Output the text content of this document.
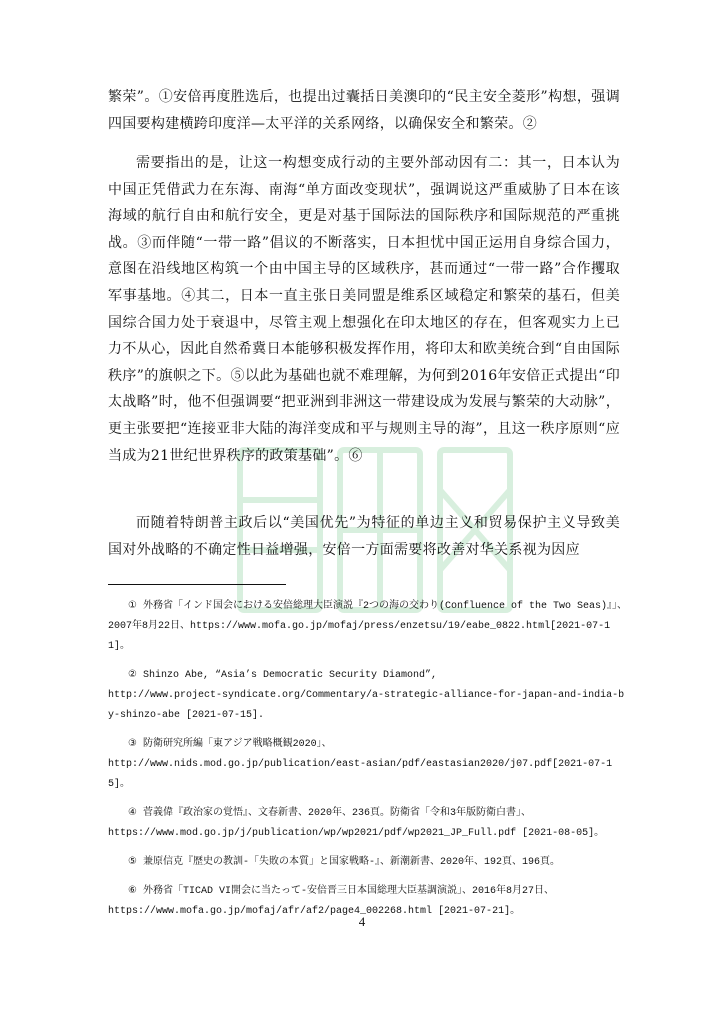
繁荣”。①安倍再度胜选后，也提出过囊括日美澳印的“民主安全菱形”构想，强调四国要构建横跨印度洋—太平洋的关系网络，以确保安全和繁荣。②

需要指出的是，让这一构想变成行动的主要外部动因有二：其一，日本认为中国正凭借武力在东海、南海“单方面改变现状”，强调说这严重威胁了日本在该海域的航行自由和航行安全，更是对基于国际法的国际秩序和国际规范的严重挑战。③而伴随“一带一路”倡议的不断落实，日本担忧中国正运用自身综合国力，意图在沿线地区构筑一个由中国主导的区域秩序，甚而通过“一带一路”合作攫取军事基地。④其二，日本一直主张日美同盟是维系区域稳定和繁荣的基石，但美国综合国力处于衰退中，尽管主观上想强化在印太地区的存在，但客观实力上已力不从心，因此自然希冀日本能够积极发挥作用，将印太和欧美统合到“自由国际秩序”的旗帜之下。⑤以此为基础也就不难理解，为何到2016年安倍正式提出“印太战略”时，他不但强调要“把亚洲到非洲这一带建设成为发展与繁荣的大动脉”，更主张要把“连接亚非大陆的海洋变成和平与规则主导的海”，且这一秩序原则“应当成为21世纪世界秩序的政策基础”。⑥

而随着特朗普主政后以“美国优先”为特征的单边主义和贸易保护主义导致美国对外战略的不确定性日益增强，安倍一方面需要将改善对华关系视为因应

① 外務省「インド国会における安倍総理大臣演説『2つの海の交わり(Confluence of the Two Seas)』」、
2007年8月22日、https://www.mofa.go.jp/mofaj/press/enzetsu/19/eabe_0822.html[2021-07-11]。
② Shinzo Abe, “Asia’s Democratic Security Diamond”,
http://www.project-syndicate.org/Commentary/a-strategic-alliance-for-japan-and-india-by-shinzo-abe [2021-07-15].
③ 防衛研究所編「東アジア戦略概観2020」、
http://www.nids.mod.go.jp/publication/east-asian/pdf/eastasian2020/j07.pdf[2021-07-15]。
④ 菅義偉『政治家の覚悟』、文春新書、2020年、236頁。防衛省「令和3年版防衛白書」、
https://www.mod.go.jp/j/publication/wp/wp2021/pdf/wp2021_JP_Full.pdf [2021-08-05]。
⑤ 兼原信克『歴史の教訓-「失敗の本質」と国家戦略-』、新潮新書、2020年、192頁、196頁。
⑥ 外務省「TICAD VI開会に当たって-安倍晋三日本国総理大臣基調演説」、2016年8月27日、
https://www.mofa.go.jp/mofaj/afr/af2/page4_002268.html [2021-07-21]。
4
